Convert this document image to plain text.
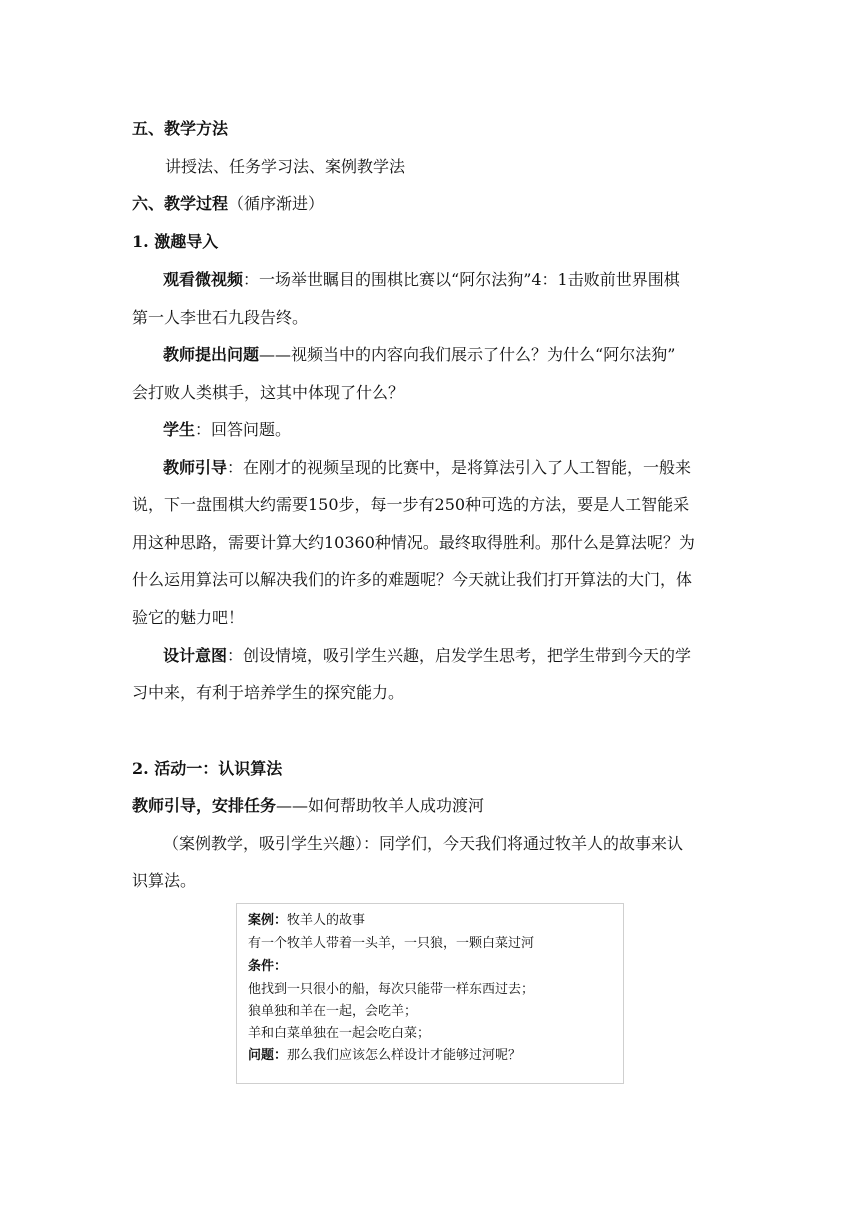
五、教学方法
讲授法、任务学习法、案例教学法
六、教学过程（循序渐进）
1. 激趣导入
观看微视频：一场举世瞩目的围棋比赛以“阿尔法狗”4：1击败前世界围棋
第一人李世石九段告终。
教师提出问题——视频当中的内容向我们展示了什么？为什么“阿尔法狗”
会打败人类棋手，这其中体现了什么？
学生：回答问题。
教师引导：在刚才的视频呈现的比赛中，是将算法引入了人工智能，一般来
说，下一盘围棋大约需要150步，每一步有250种可选的方法，要是人工智能采
用这种思路，需要计算大约10360种情况。最终取得胜利。那什么是算法呢？为
什么运用算法可以解决我们的许多的难题呢？今天就让我们打开算法的大门，体
验它的魅力吧！
设计意图：创设情境，吸引学生兴趣，启发学生思考，把学生带到今天的学
习中来，有利于培养学生的探究能力。
2. 活动一：认识算法
教师引导，安排任务——如何帮助牧羊人成功渡河
（案例教学，吸引学生兴趣）：同学们，今天我们将通过牧羊人的故事来认
识算法。
案例：牧羊人的故事
有一个牧羊人带着一头羊，一只狼，一颗白菜过河
条件：
他找到一只很小的船，每次只能带一样东西过去；
狼单独和羊在一起，会吃羊；
羊和白菜单独在一起会吃白菜；
问题：那么我们应该怎么样设计才能够过河呢？
